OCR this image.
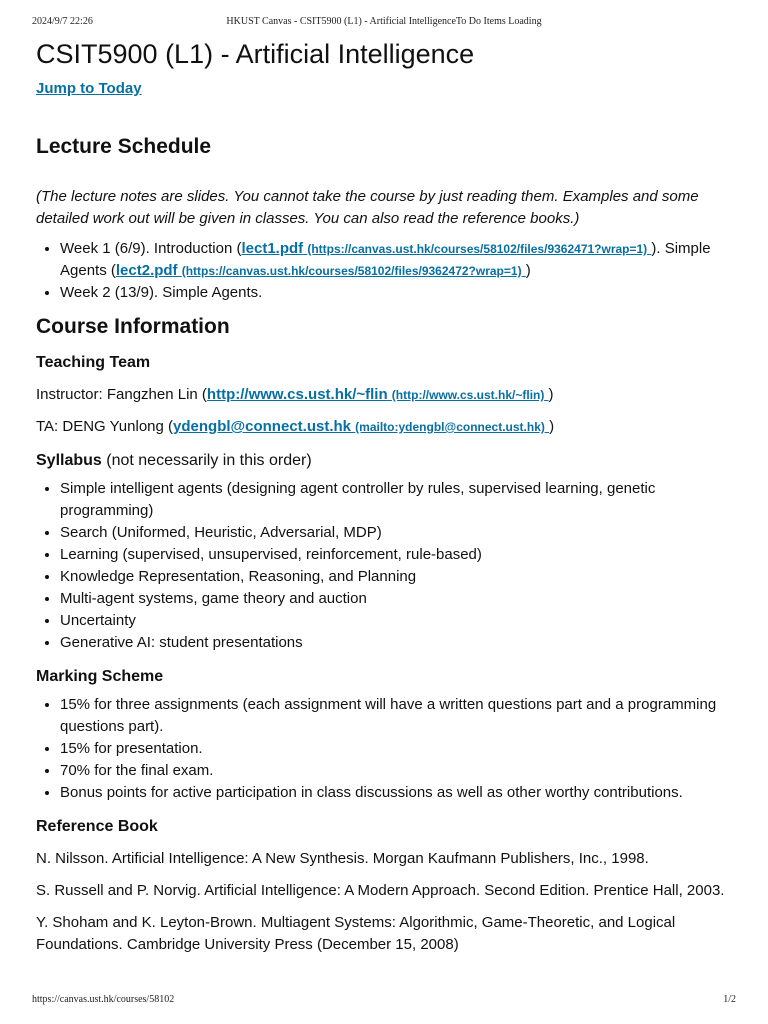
2024/9/7 22:26	HKUST Canvas - CSIT5900 (L1) - Artificial IntelligenceTo Do Items Loading
CSIT5900 (L1) - Artificial Intelligence
Jump to Today
Lecture Schedule

(The lecture notes are slides. You cannot take the course by just reading them. Examples and some detailed work out will be given in classes. You can also read the reference books.)

• Week 1 (6/9). Introduction (lect1.pdf (https://canvas.ust.hk/courses/58102/files/9362471?wrap=1) ). Simple Agents (lect2.pdf (https://canvas.ust.hk/courses/58102/files/9362472?wrap=1) )
• Week 2 (13/9). Simple Agents.
Course Information
Teaching Team

Instructor: Fangzhen Lin (http://www.cs.ust.hk/~flin (http://www.cs.ust.hk/~flin) )

TA: DENG Yunlong (ydengbl@connect.ust.hk (mailto:ydengbl@connect.ust.hk) )

Syllabus (not necessarily in this order)
• Simple intelligent agents (designing agent controller by rules, supervised learning, genetic programming)
• Search (Uniformed, Heuristic, Adversarial, MDP)
• Learning (supervised, unsupervised, reinforcement, rule-based)
• Knowledge Representation, Reasoning, and Planning
• Multi-agent systems, game theory and auction
• Uncertainty
• Generative AI: student presentations
Marking Scheme
• 15% for three assignments (each assignment will have a written questions part and a programming questions part).
• 15% for presentation.
• 70% for the final exam.
• Bonus points for active participation in class discussions as well as other worthy contributions.
Reference Book

N. Nilsson. Artificial Intelligence: A New Synthesis. Morgan Kaufmann Publishers, Inc., 1998.

S. Russell and P. Norvig. Artificial Intelligence: A Modern Approach. Second Edition. Prentice Hall, 2003.

Y. Shoham and K. Leyton-Brown. Multiagent Systems: Algorithmic, Game-Theoretic, and Logical Foundations. Cambridge University Press (December 15, 2008)

https://canvas.ust.hk/courses/58102	1/2
